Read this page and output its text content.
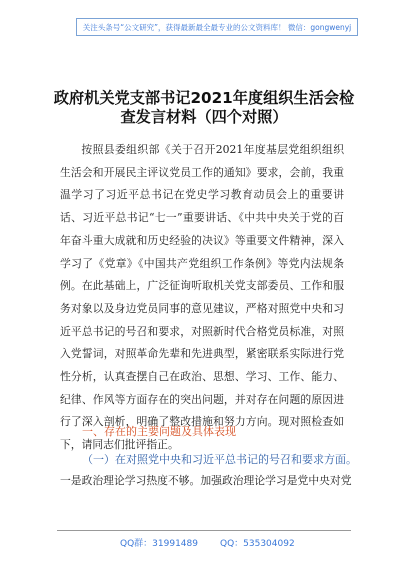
关注头条号“公文研究”，获得最新最全最专业的公文资料库！ 微信：gongwenyj
政府机关党支部书记2021年度组织生活会检
查发言材料（四个对照）
按照县委组织部《关于召开2021年度基层党组织组织生活会和开展民主评议党员工作的通知》要求，会前，我重温学习了习近平总书记在党史学习教育动员会上的重要讲话、习近平总书记“七一”重要讲话、《中共中央关于党的百年奋斗重大成就和历史经验的决议》等重要文件精神，深入学习了《党章》《中国共产党组织工作条例》等党内法规条例。在此基础上，广泛征询听取机关党支部委员、工作和服务对象以及身边党员同事的意见建议，严格对照党中央和习近平总书记的号召和要求，对照新时代合格党员标准，对照入党誓词，对照革命先辈和先进典型，紧密联系实际进行党性分析，认真查摆自己在政治、思想、学习、工作、能力、纪律、作风等方面存在的突出问题，并对存在问题的原因进行了深入剖析，明确了整改措施和努力方向。现对照检查如下，请同志们批评指正。
一、存在的主要问题及具体表现
（一）在对照党中央和习近平总书记的号召和要求方面。
一是政治理论学习热度不够。加强政治理论学习是党中央对党
QQ群：31991489 QQ：535304092
